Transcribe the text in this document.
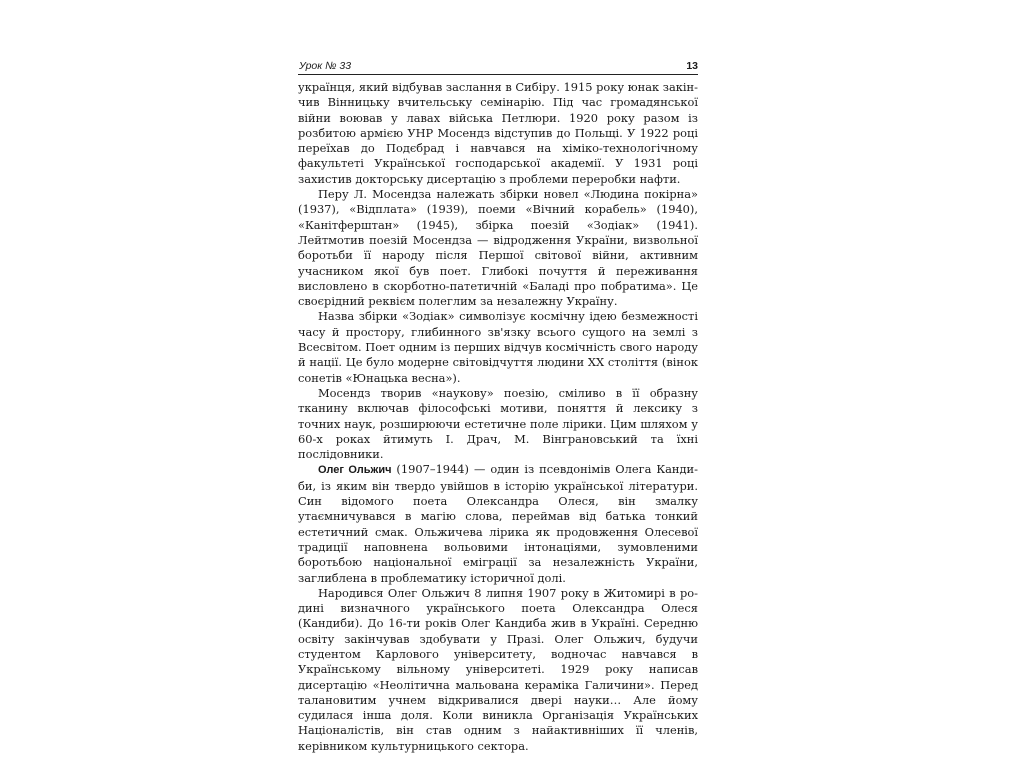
Урок № 33	13

українця, який відбував заслання в Сибіру. 1915 року юнак закінчив Вінницьку вчительську семінарію. Під час громадянської війни воював у лавах війська Петлюри. 1920 року разом із розбитою армією УНР Мосендз відступив до Польщі. У 1922 році переїхав до Подєбрад і навчався на хіміко-технологічному факультеті Української господарської академії. У 1931 році захистив докторську дисертацію з проблеми переробки нафти.

Перу Л. Мосендза належать збірки новел «Людина покірна» (1937), «Відплата» (1939), поеми «Вічний корабель» (1940), «Канітферштан» (1945), збірка поезій «Зодіак» (1941). Лейтмотив поезій Мосендза — відродження України, визвольної боротьби її народу після Першої світової війни, активним учасником якої був поет. Глибокі почуття й переживання висловлено в скорботно-патетичній «Баладі про побратима». Це своєрідний реквієм полеглим за незалежну Україну.

Назва збірки «Зодіак» символізує космічну ідею безмежності часу й простору, глибинного зв'язку всього сущого на землі з Всесвітом. Поет одним із перших відчув космічність свого народу й нації. Це було модерне світовідчуття людини ХХ століття (вінок сонетів «Юнацька весна»).

Мосендз творив «наукову» поезію, сміливо в її образну тканину включав філософські мотиви, поняття й лексику з точних наук, розширюючи естетичне поле лірики. Цим шляхом у 60-х роках йтимуть І. Драч, М. Вінграновський та їхні послідовники.

Олег Ольжич (1907–1944) — один із псевдонімів Олега Кандиби, із яким він твердо увійшов в історію української літератури. Син відомого поета Олександра Олеся, він змалку утаємничувався в магію слова, переймав від батька тонкий естетичний смак. Ольжичева лірика як продовження Олесевої традиції наповнена вольовими інтонаціями, зумовленими боротьбою національної еміграції за незалежність України, заглиблена в проблематику історичної долі.

Народився Олег Ольжич 8 липня 1907 року в Житомирі в родині визначного українського поета Олександра Олеся (Кандиби). До 16-ти років Олег Кандиба жив в Україні. Середню освіту закінчував здобувати у Празі. Олег Ольжич, будучи студентом Карлового університету, водночас навчався в Українському вільному університеті. 1929 року написав дисертацію «Неолітична мальована кераміка Галичини». Перед талановитим учнем відкривалися двері науки… Але йому судилася інша доля. Коли виникла Організація Українських Націоналістів, він став одним з найактивніших її членів, керівником культурницького сектора.
